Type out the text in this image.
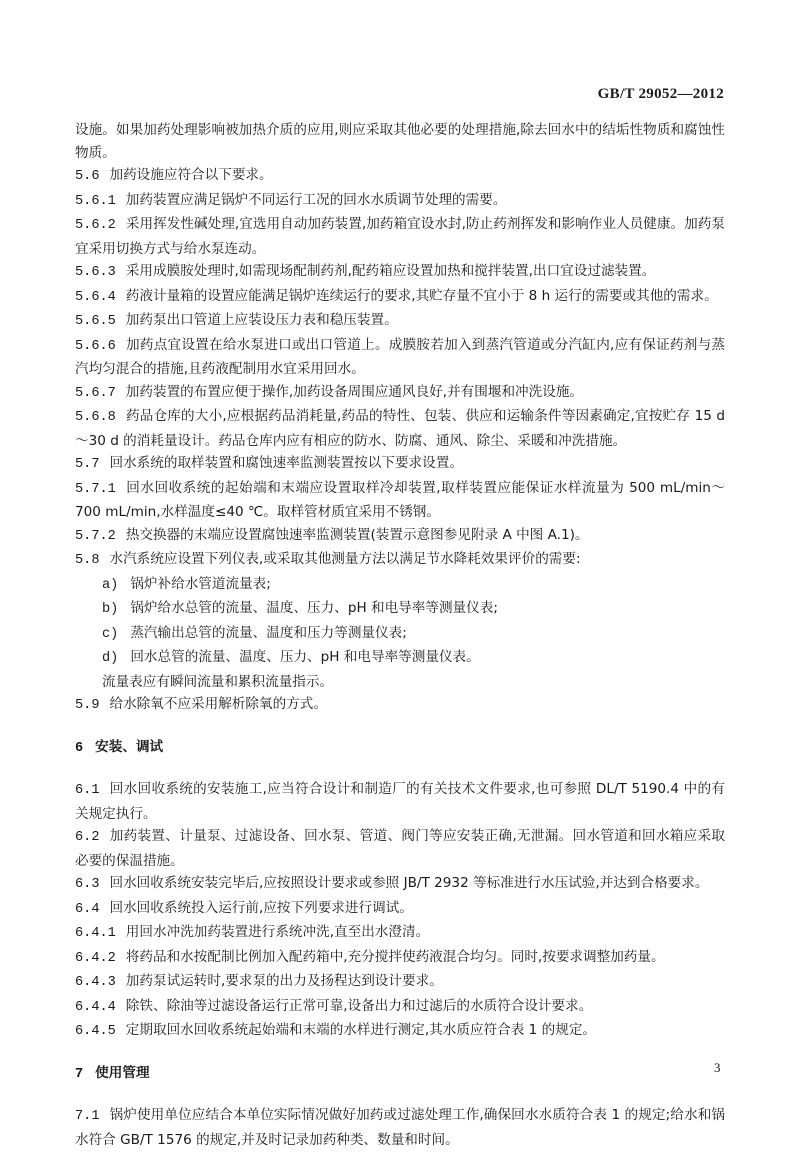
GB/T 29052—2012
设施。如果加药处理影响被加热介质的应用,则应采取其他必要的处理措施,除去回水中的结垢性物质和腐蚀性物质。
5.6 加药设施应符合以下要求。
5.6.1 加药装置应满足锅炉不同运行工况的回水水质调节处理的需要。
5.6.2 采用挥发性碱处理,宜选用自动加药装置,加药箱宜设水封,防止药剂挥发和影响作业人员健康。加药泵宜采用切换方式与给水泵连动。
5.6.3 采用成膜胺处理时,如需现场配制药剂,配药箱应设置加热和搅拌装置,出口宜设过滤装置。
5.6.4 药液计量箱的设置应能满足锅炉连续运行的要求,其贮存量不宜小于 8 h 运行的需要或其他的需求。
5.6.5 加药泵出口管道上应装设压力表和稳压装置。
5.6.6 加药点宜设置在给水泵进口或出口管道上。成膜胺若加入到蒸汽管道或分汽缸内,应有保证药剂与蒸汽均匀混合的措施,且药液配制用水宜采用回水。
5.6.7 加药装置的布置应便于操作,加药设备周围应通风良好,并有围堰和冲洗设施。
5.6.8 药品仓库的大小,应根据药品消耗量,药品的特性、包装、供应和运输条件等因素确定,宜按贮存 15 d～30 d 的消耗量设计。药品仓库内应有相应的防水、防腐、通风、除尘、采暖和冲洗措施。
5.7 回水系统的取样装置和腐蚀速率监测装置按以下要求设置。
5.7.1 回水回收系统的起始端和末端应设置取样冷却装置,取样装置应能保证水样流量为 500 mL/min～700 mL/min,水样温度≤40 ℃。取样管材质宜采用不锈钢。
5.7.2 热交换器的末端应设置腐蚀速率监测装置(装置示意图参见附录 A 中图 A.1)。
5.8 水汽系统应设置下列仪表,或采取其他测量方法以满足节水降耗效果评价的需要:
a) 锅炉补给水管道流量表;
b) 锅炉给水总管的流量、温度、压力、pH 和电导率等测量仪表;
c) 蒸汽输出总管的流量、温度和压力等测量仪表;
d) 回水总管的流量、温度、压力、pH 和电导率等测量仪表。
流量表应有瞬间流量和累积流量指示。
5.9 给水除氧不应采用解析除氧的方式。
6 安装、调试
6.1 回水回收系统的安装施工,应当符合设计和制造厂的有关技术文件要求,也可参照 DL/T 5190.4 中的有关规定执行。
6.2 加药装置、计量泵、过滤设备、回水泵、管道、阀门等应安装正确,无泄漏。回水管道和回水箱应采取必要的保温措施。
6.3 回水回收系统安装完毕后,应按照设计要求或参照 JB/T 2932 等标准进行水压试验,并达到合格要求。
6.4 回水回收系统投入运行前,应按下列要求进行调试。
6.4.1 用回水冲洗加药装置进行系统冲洗,直至出水澄清。
6.4.2 将药品和水按配制比例加入配药箱中,充分搅拌使药液混合均匀。同时,按要求调整加药量。
6.4.3 加药泵试运转时,要求泵的出力及扬程达到设计要求。
6.4.4 除铁、除油等过滤设备运行正常可靠,设备出力和过滤后的水质符合设计要求。
6.4.5 定期取回水回收系统起始端和末端的水样进行测定,其水质应符合表 1 的规定。
7 使用管理
7.1 锅炉使用单位应结合本单位实际情况做好加药或过滤处理工作,确保回水水质符合表 1 的规定;给水和锅水符合 GB/T 1576 的规定,并及时记录加药种类、数量和时间。
3
